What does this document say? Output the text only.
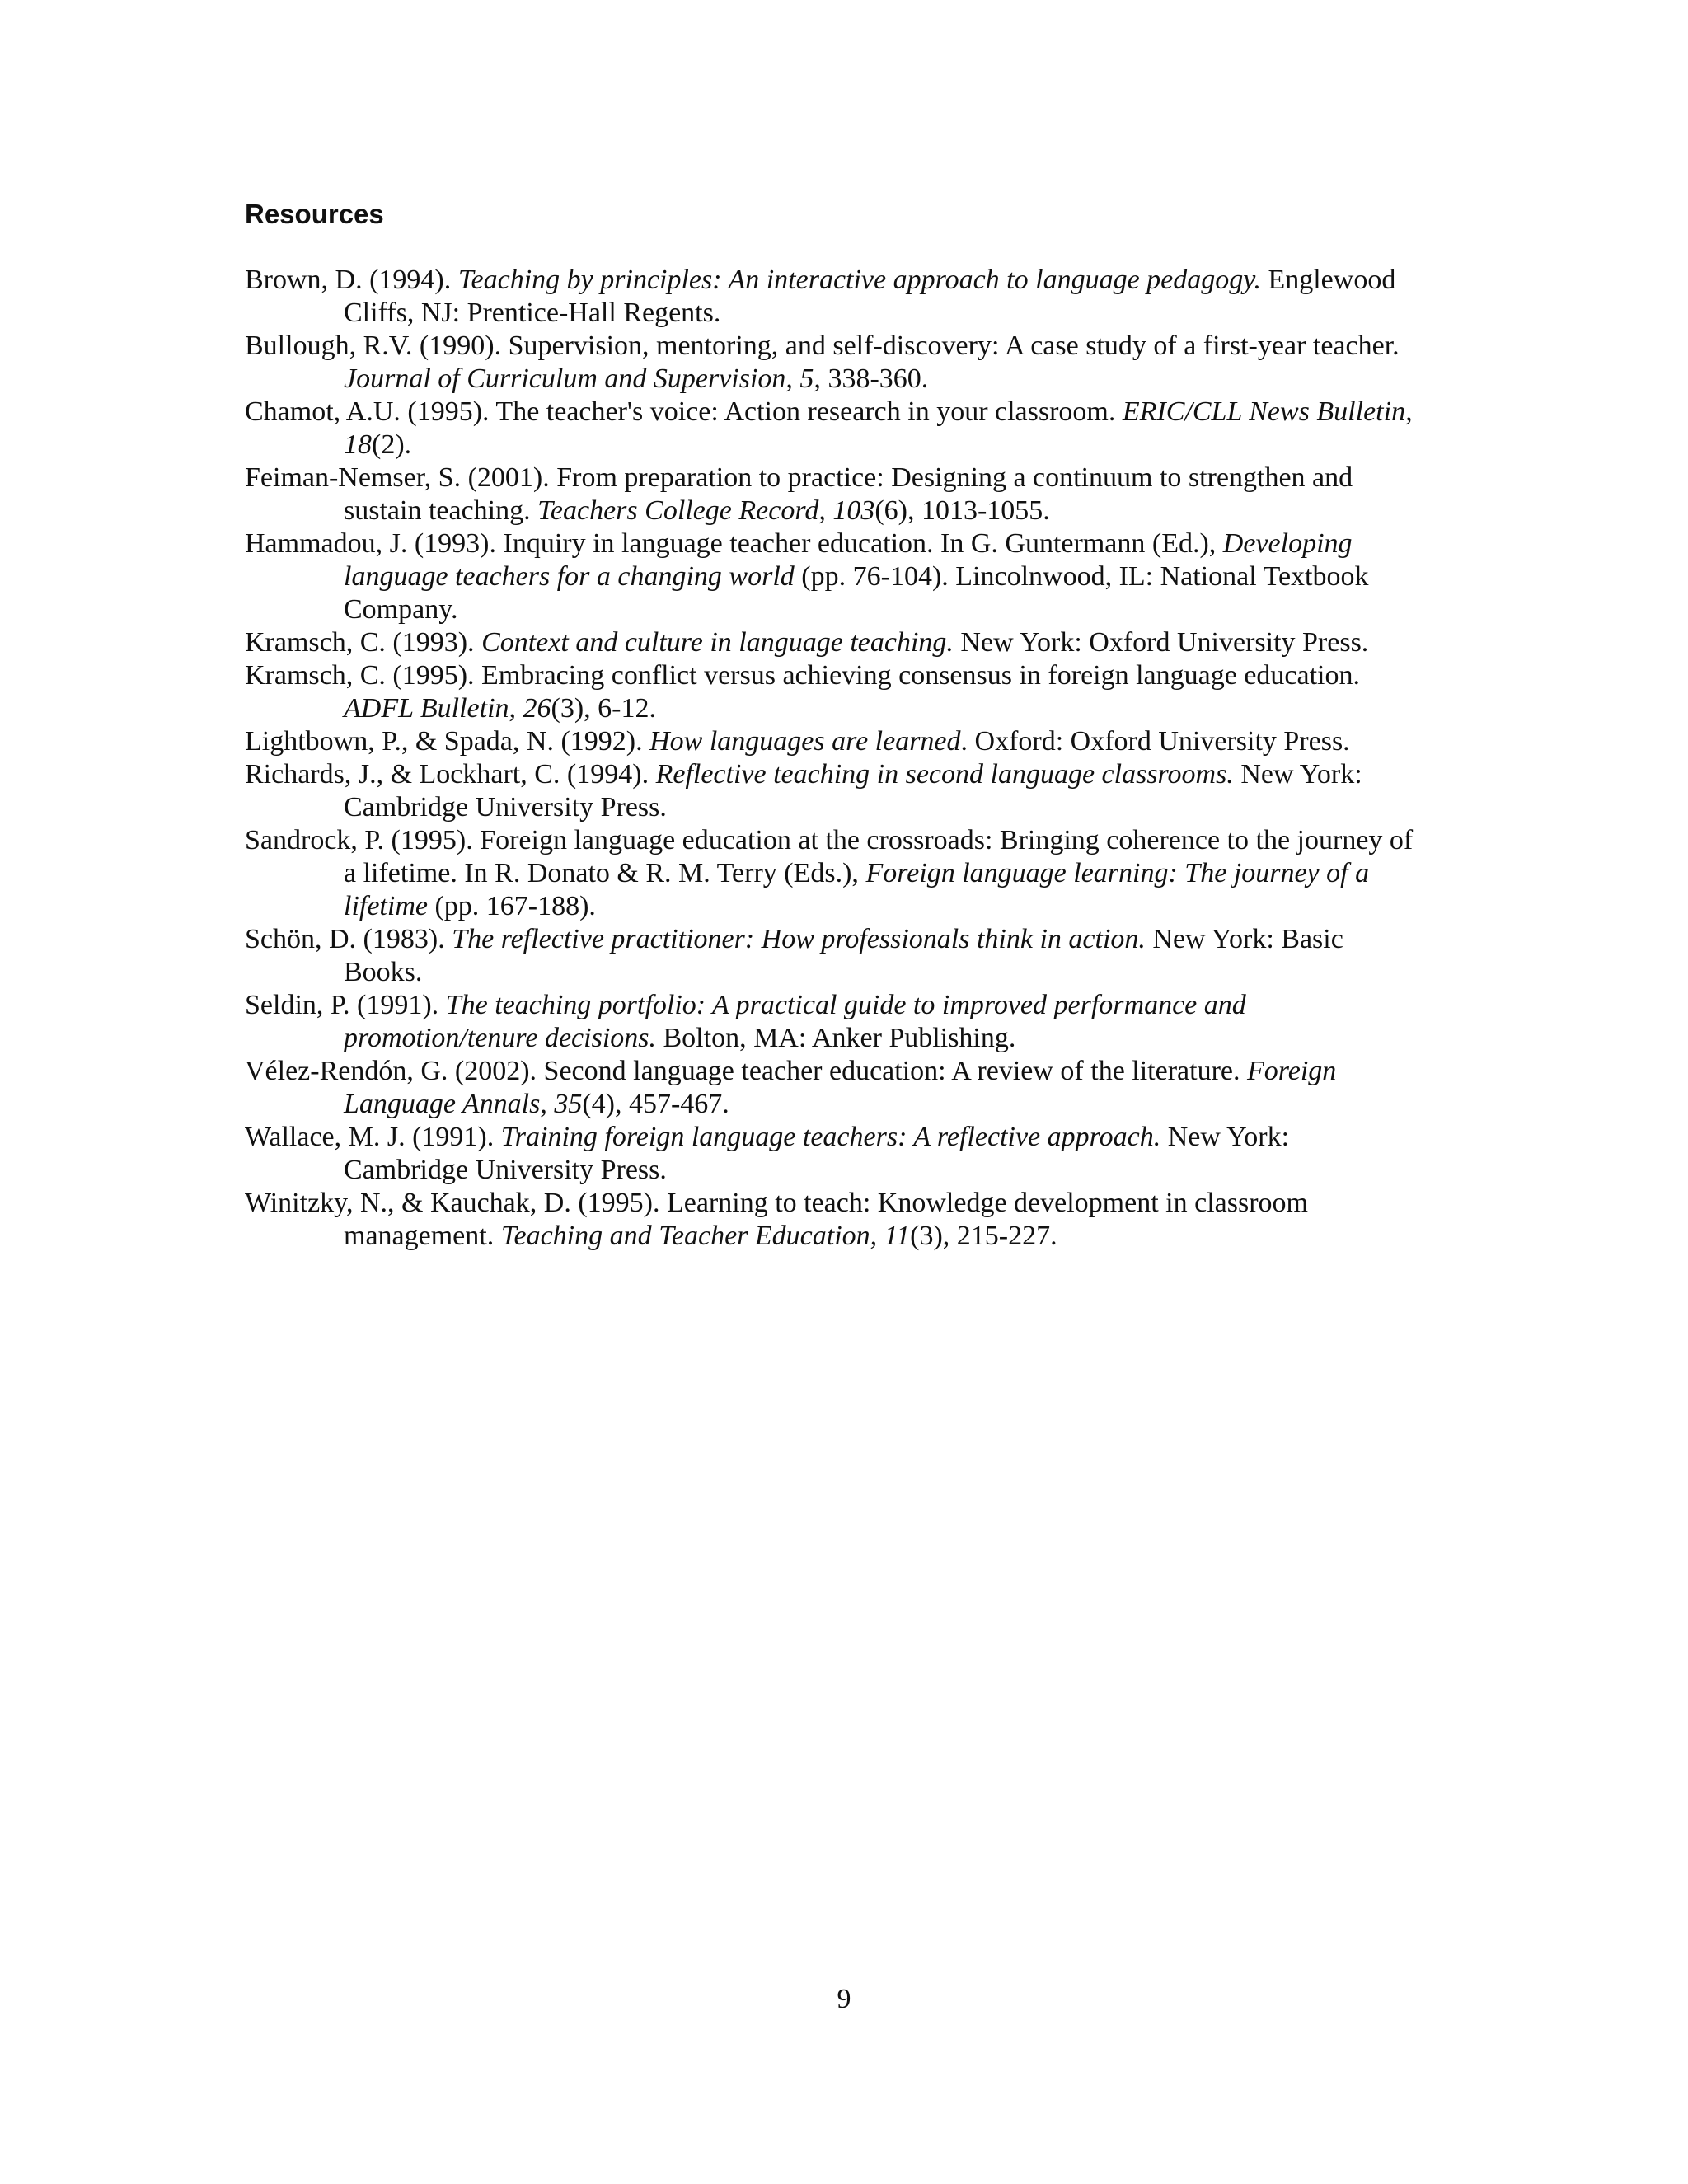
Resources
Brown, D. (1994). Teaching by principles: An interactive approach to language pedagogy. Englewood Cliffs, NJ: Prentice-Hall Regents.
Bullough, R.V. (1990). Supervision, mentoring, and self-discovery: A case study of a first-year teacher. Journal of Curriculum and Supervision, 5, 338-360.
Chamot, A.U. (1995). The teacher's voice: Action research in your classroom. ERIC/CLL News Bulletin, 18(2).
Feiman-Nemser, S. (2001). From preparation to practice: Designing a continuum to strengthen and sustain teaching. Teachers College Record, 103(6), 1013-1055.
Hammadou, J. (1993). Inquiry in language teacher education. In G. Guntermann (Ed.), Developing language teachers for a changing world (pp. 76-104). Lincolnwood, IL: National Textbook Company.
Kramsch, C. (1993). Context and culture in language teaching. New York: Oxford University Press.
Kramsch, C. (1995). Embracing conflict versus achieving consensus in foreign language education. ADFL Bulletin, 26(3), 6-12.
Lightbown, P., & Spada, N. (1992). How languages are learned. Oxford: Oxford University Press.
Richards, J., & Lockhart, C. (1994). Reflective teaching in second language classrooms. New York: Cambridge University Press.
Sandrock, P. (1995). Foreign language education at the crossroads: Bringing coherence to the journey of a lifetime. In R. Donato & R. M. Terry (Eds.), Foreign language learning: The journey of a lifetime (pp. 167-188).
Schön, D. (1983). The reflective practitioner: How professionals think in action. New York: Basic Books.
Seldin, P. (1991). The teaching portfolio: A practical guide to improved performance and promotion/tenure decisions. Bolton, MA: Anker Publishing.
Vélez-Rendón, G. (2002). Second language teacher education: A review of the literature. Foreign Language Annals, 35(4), 457-467.
Wallace, M. J. (1991). Training foreign language teachers: A reflective approach. New York: Cambridge University Press.
Winitzky, N., & Kauchak, D. (1995). Learning to teach: Knowledge development in classroom management. Teaching and Teacher Education, 11(3), 215-227.
9
